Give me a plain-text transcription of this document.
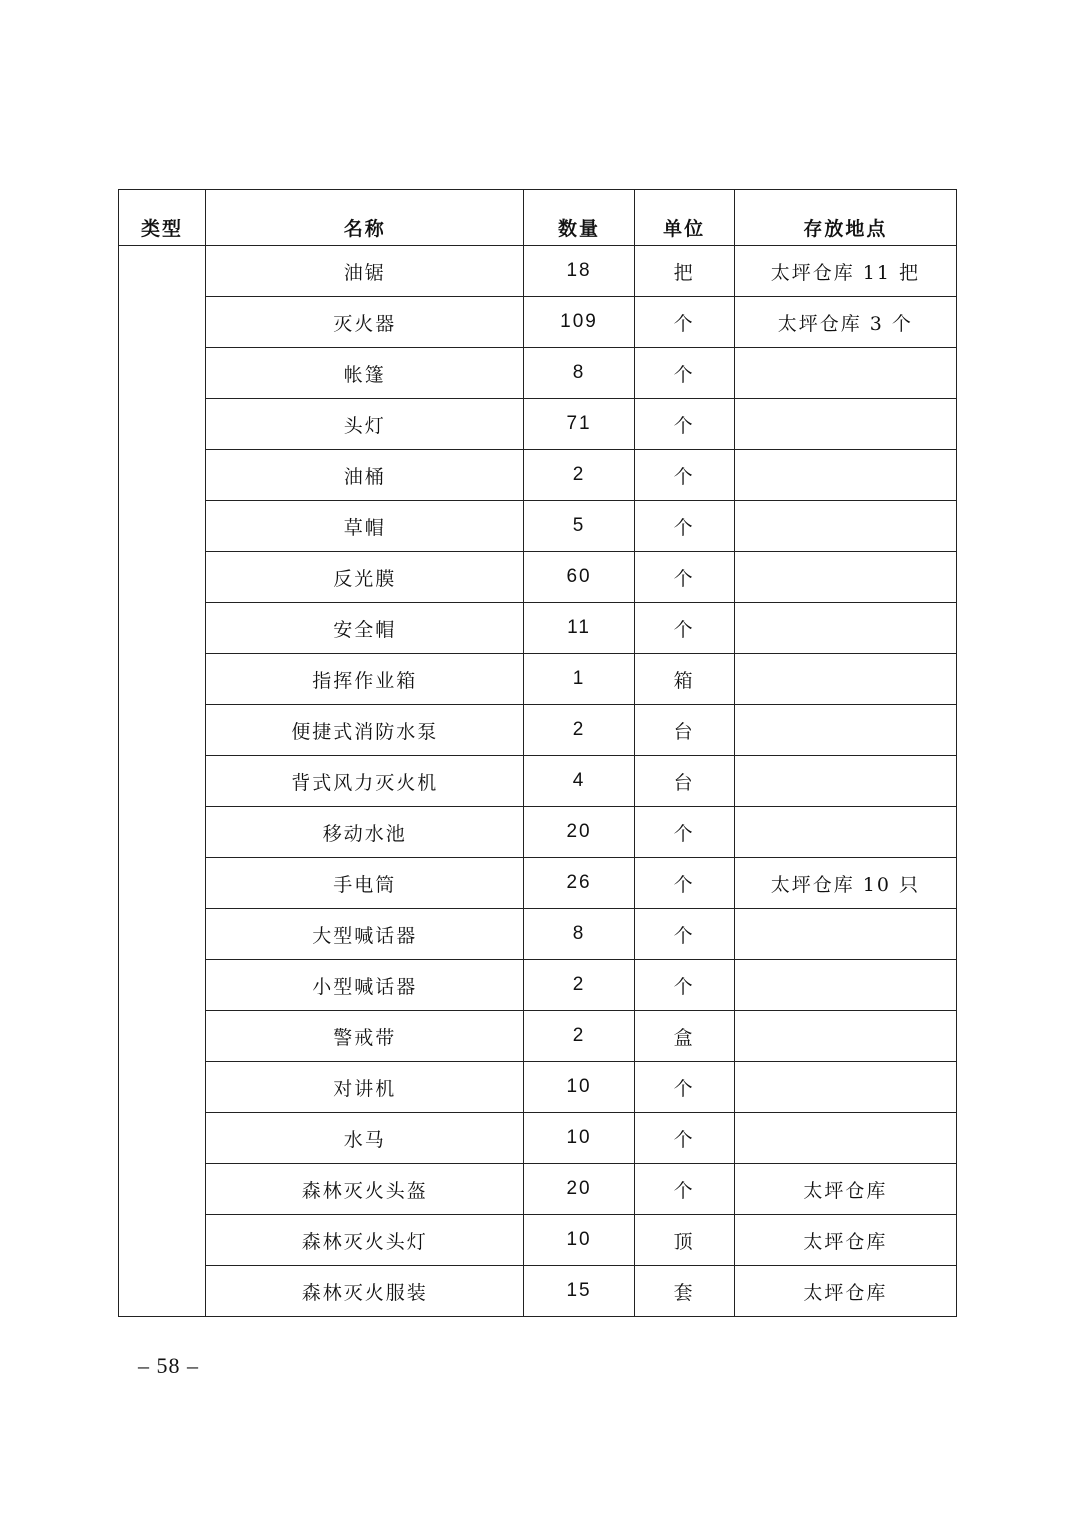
类型	名称	数量	单位	存放地点
	油锯	18	把	太坪仓库 11 把
	灭火器	109	个	太坪仓库 3 个
	帐篷	8	个	
	头灯	71	个	
	油桶	2	个	
	草帽	5	个	
	反光膜	60	个	
	安全帽	11	个	
	指挥作业箱	1	箱	
	便捷式消防水泵	2	台	
	背式风力灭火机	4	台	
	移动水池	20	个	
	手电筒	26	个	太坪仓库 10 只
	大型喊话器	8	个	
	小型喊话器	2	个	
	警戒带	2	盒	
	对讲机	10	个	
	水马	10	个	
	森林灭火头盔	20	个	太坪仓库
	森林灭火头灯	10	顶	太坪仓库
	森林灭火服装	15	套	太坪仓库
– 58 –
